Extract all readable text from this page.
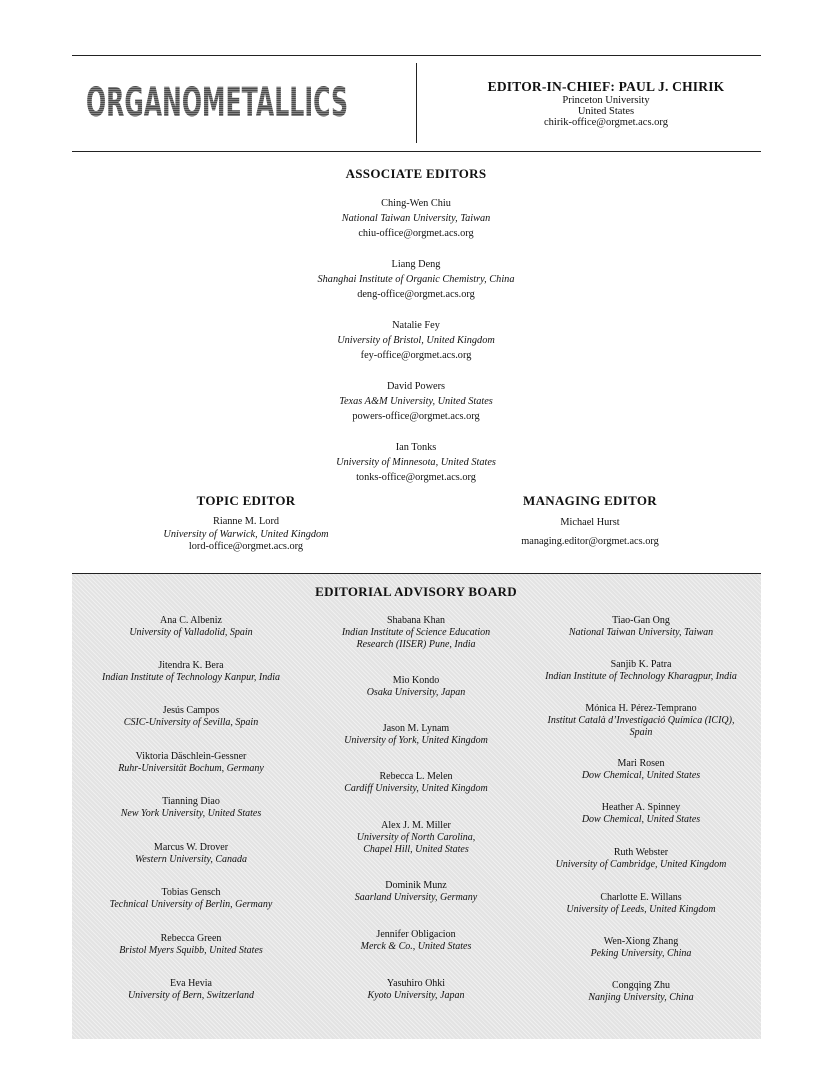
ORGANOMETALLICS	EDITOR-IN-CHIEF: PAUL J. CHIRIK
Princeton University
United States
chirik-office@orgmet.acs.org
ASSOCIATE EDITORS
Ching-Wen Chiu
National Taiwan University, Taiwan
chiu-office@orgmet.acs.org
Liang Deng
Shanghai Institute of Organic Chemistry, China
deng-office@orgmet.acs.org
Natalie Fey
University of Bristol, United Kingdom
fey-office@orgmet.acs.org
David Powers
Texas A&M University, United States
powers-office@orgmet.acs.org
Ian Tonks
University of Minnesota, United States
tonks-office@orgmet.acs.org
TOPIC EDITOR
Rianne M. Lord
University of Warwick, United Kingdom
lord-office@orgmet.acs.org
MANAGING EDITOR
Michael Hurst
managing.editor@orgmet.acs.org
EDITORIAL ADVISORY BOARD
Ana C. Albeniz
University of Valladolid, Spain
Jitendra K. Bera
Indian Institute of Technology Kanpur, India
Jesús Campos
CSIC-University of Sevilla, Spain
Viktoria Däschlein-Gessner
Ruhr-Universität Bochum, Germany
Tianning Diao
New York University, United States
Marcus W. Drover
Western University, Canada
Tobias Gensch
Technical University of Berlin, Germany
Rebecca Green
Bristol Myers Squibb, United States
Eva Hevia
University of Bern, Switzerland
Shabana Khan
Indian Institute of Science Education
Research (IISER) Pune, India
Mio Kondo
Osaka University, Japan
Jason M. Lynam
University of York, United Kingdom
Rebecca L. Melen
Cardiff University, United Kingdom
Alex J. M. Miller
University of North Carolina,
Chapel Hill, United States
Dominik Munz
Saarland University, Germany
Jennifer Obligacion
Merck & Co., United States
Yasuhiro Ohki
Kyoto University, Japan
Tiao-Gan Ong
National Taiwan University, Taiwan
Sanjib K. Patra
Indian Institute of Technology Kharagpur, India
Mónica H. Pérez-Temprano
Institut Català d’Investigació Química (ICIQ),
Spain
Mari Rosen
Dow Chemical, United States
Heather A. Spinney
Dow Chemical, United States
Ruth Webster
University of Cambridge, United Kingdom
Charlotte E. Willans
University of Leeds, United Kingdom
Wen-Xiong Zhang
Peking University, China
Congqing Zhu
Nanjing University, China
